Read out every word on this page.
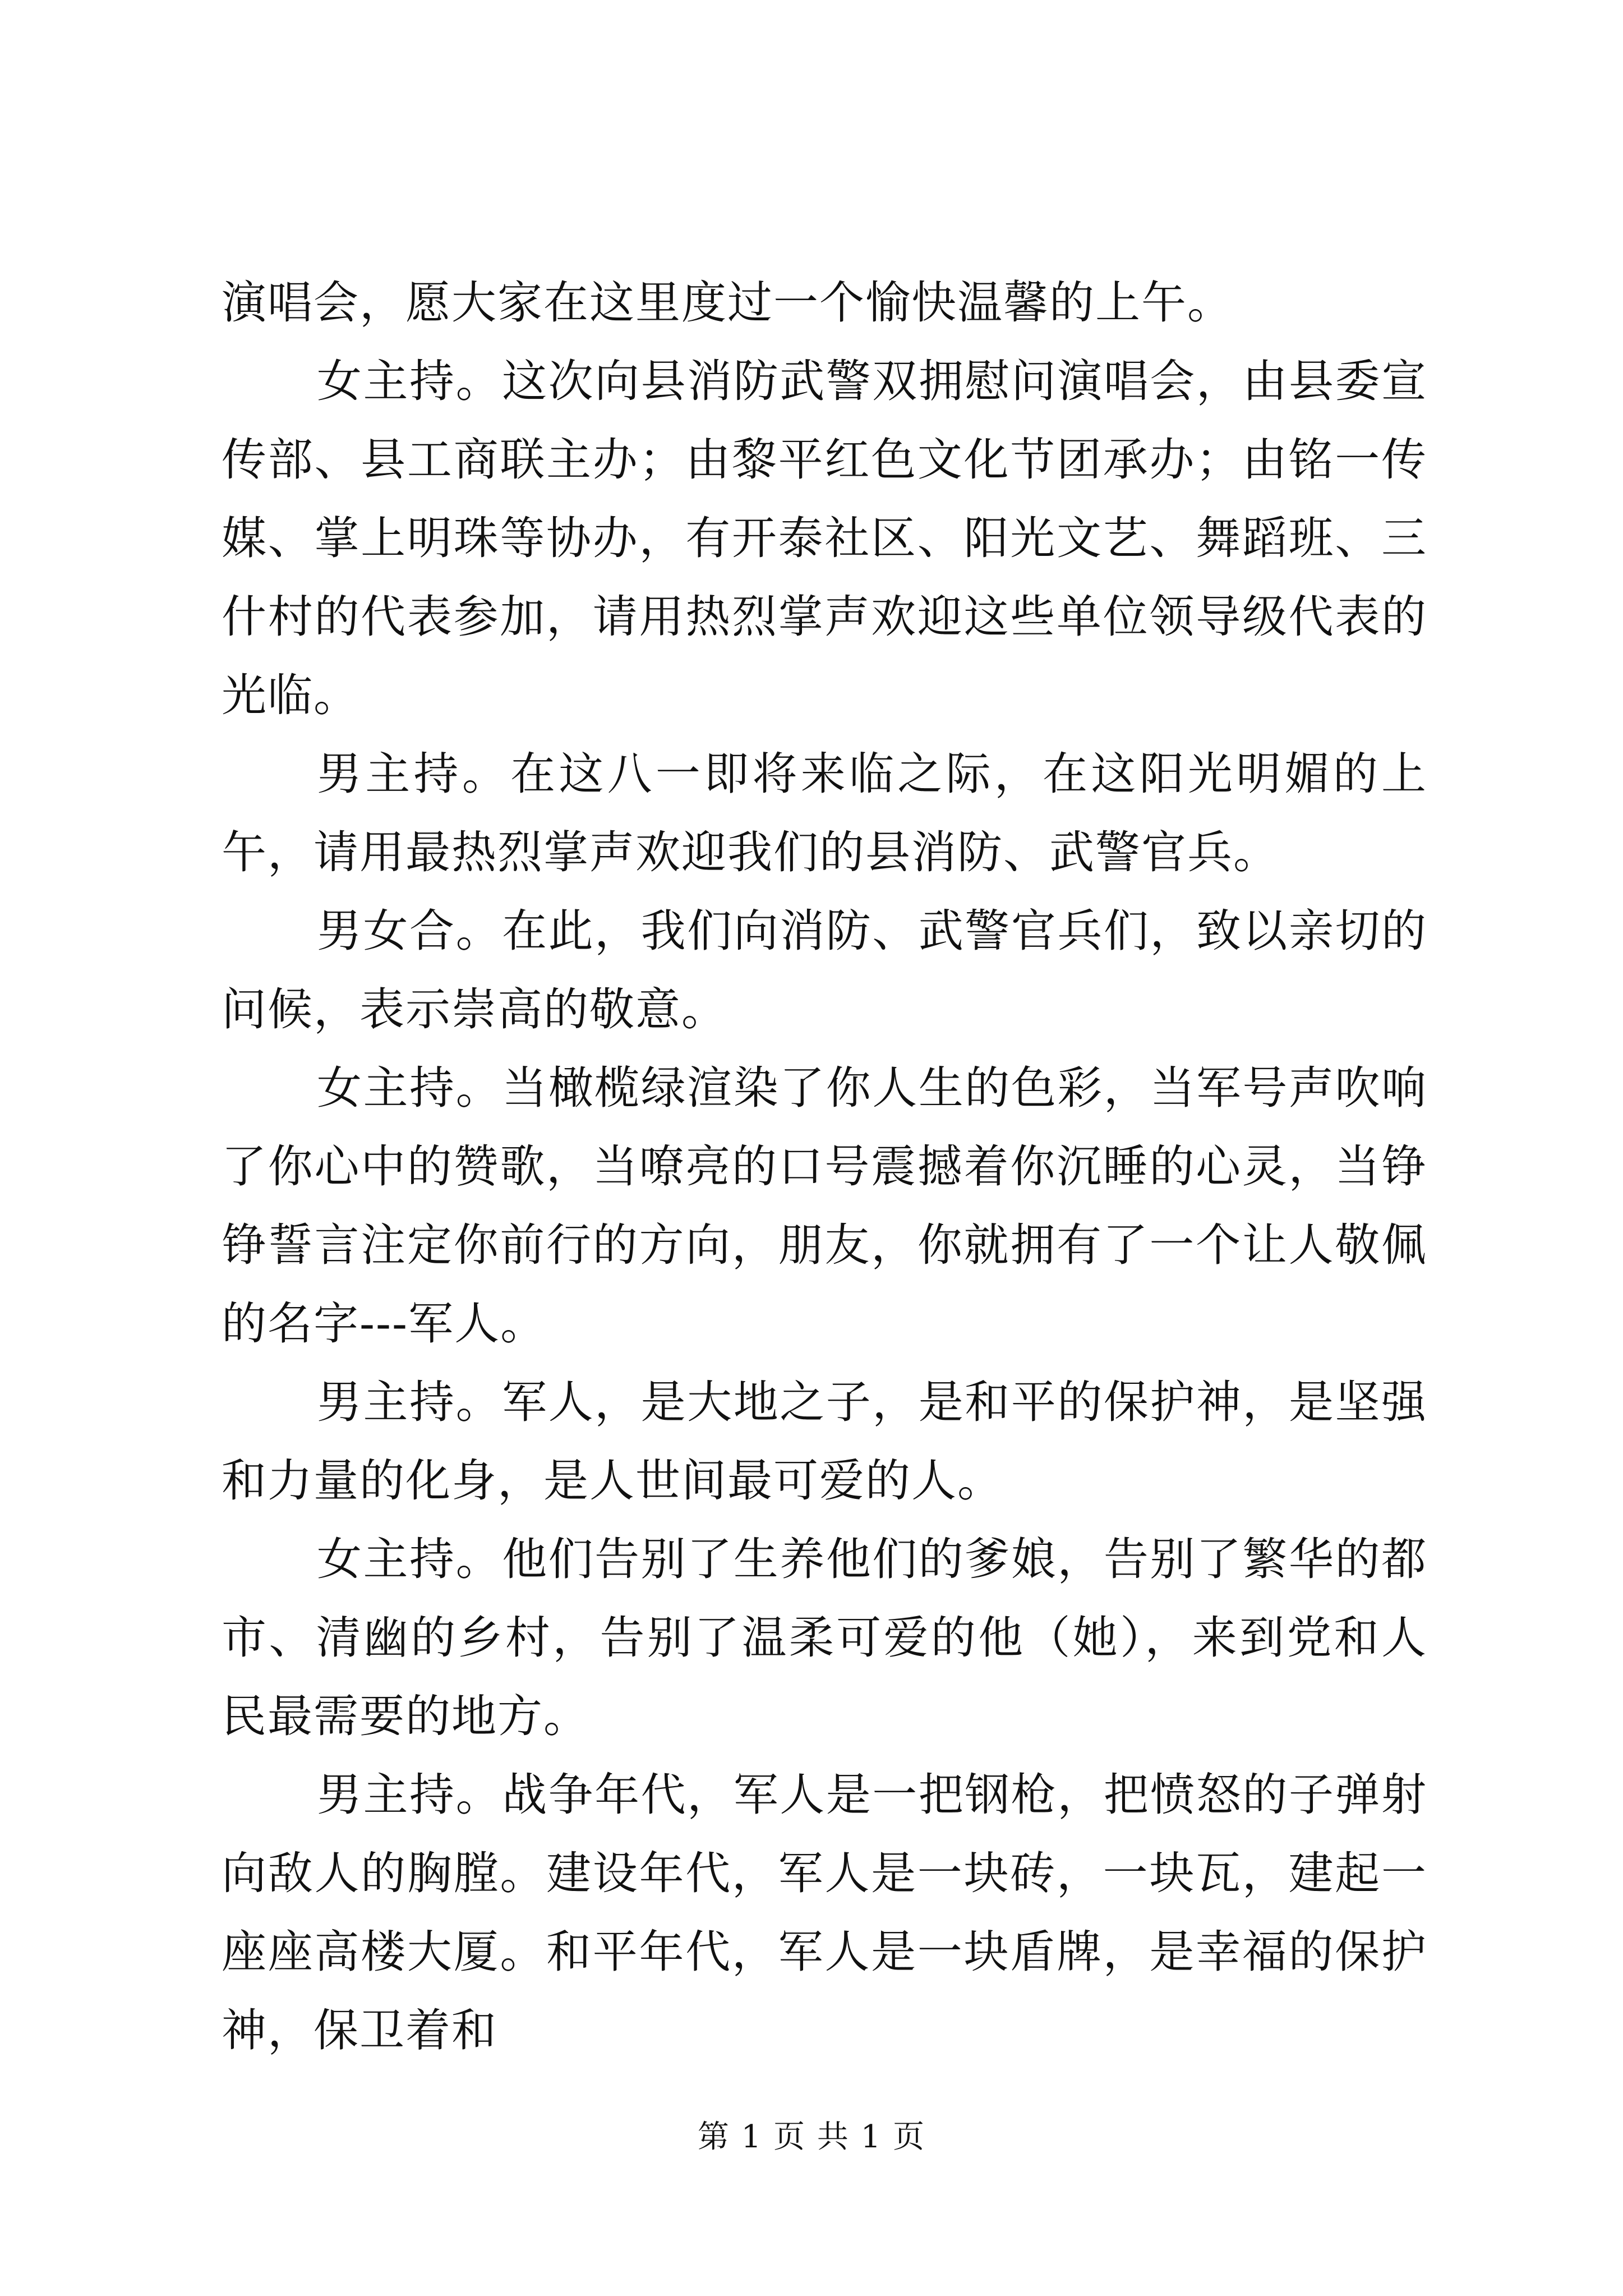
演唱会，愿大家在这里度过一个愉快温馨的上午。

女主持。这次向县消防武警双拥慰问演唱会，由县委宣传部、县工商联主办；由黎平红色文化节团承办；由铭一传媒、掌上明珠等协办，有开泰社区、阳光文艺、舞蹈班、三什村的代表参加，请用热烈掌声欢迎这些单位领导级代表的光临。

男主持。在这八一即将来临之际，在这阳光明媚的上午，请用最热烈掌声欢迎我们的县消防、武警官兵。

男女合。在此，我们向消防、武警官兵们，致以亲切的问候，表示崇高的敬意。

女主持。当橄榄绿渲染了你人生的色彩，当军号声吹响了你心中的赞歌，当嘹亮的口号震撼着你沉睡的心灵，当铮铮誓言注定你前行的方向，朋友，你就拥有了一个让人敬佩的名字---军人。

男主持。军人，是大地之子，是和平的保护神，是坚强和力量的化身，是人世间最可爱的人。

女主持。他们告别了生养他们的爹娘，告别了繁华的都市、清幽的乡村，告别了温柔可爱的他（她），来到党和人民最需要的地方。

男主持。战争年代，军人是一把钢枪，把愤怒的子弹射向敌人的胸膛。建设年代，军人是一块砖，一块瓦，建起一座座高楼大厦。和平年代，军人是一块盾牌，是幸福的保护神，保卫着和

第 1 页 共 1 页
